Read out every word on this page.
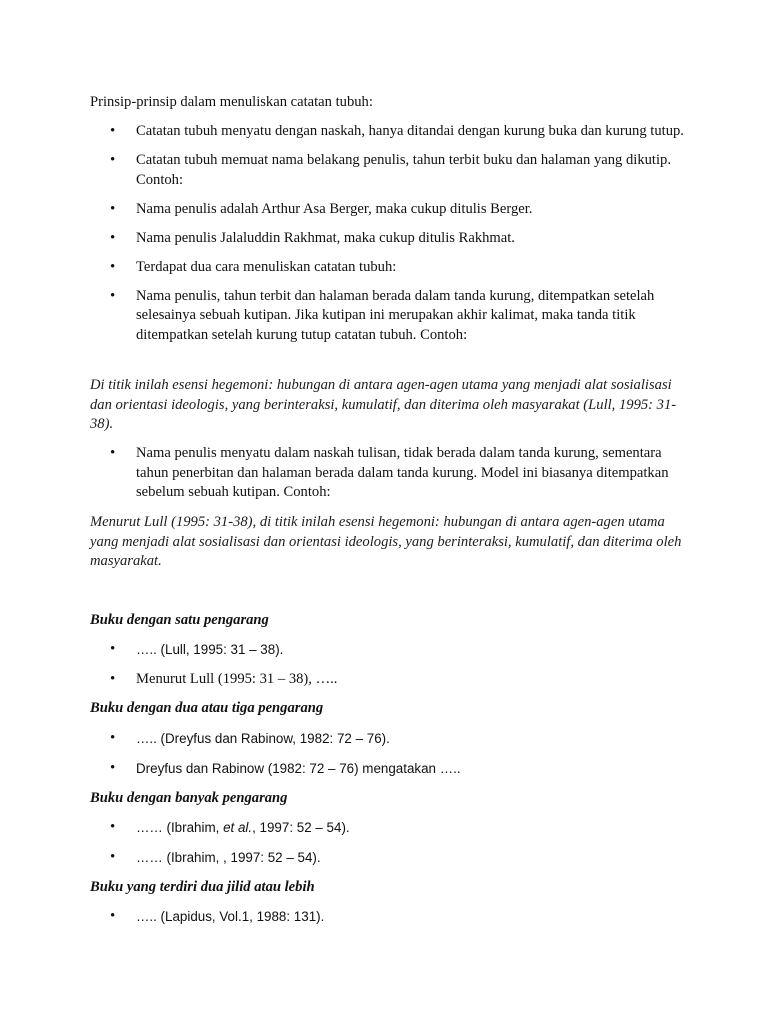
Prinsip-prinsip dalam menuliskan catatan tubuh:

• Catatan tubuh menyatu dengan naskah, hanya ditandai dengan kurung buka dan kurung tutup.
• Catatan tubuh memuat nama belakang penulis, tahun terbit buku dan halaman yang dikutip. Contoh:
• Nama penulis adalah Arthur Asa Berger, maka cukup ditulis Berger.
• Nama penulis Jalaluddin Rakhmat, maka cukup ditulis Rakhmat.
• Terdapat dua cara menuliskan catatan tubuh:
• Nama penulis, tahun terbit dan halaman berada dalam tanda kurung, ditempatkan setelah selesainya sebuah kutipan. Jika kutipan ini merupakan akhir kalimat, maka tanda titik ditempatkan setelah kurung tutup catatan tubuh. Contoh:

Di titik inilah esensi hegemoni: hubungan di antara agen-agen utama yang menjadi alat sosialisasi dan orientasi ideologis, yang berinteraksi, kumulatif, dan diterima oleh masyarakat (Lull, 1995: 31-38).

• Nama penulis menyatu dalam naskah tulisan, tidak berada dalam tanda kurung, sementara tahun penerbitan dan halaman berada dalam tanda kurung. Model ini biasanya ditempatkan sebelum sebuah kutipan. Contoh:

Menurut Lull (1995: 31-38), di titik inilah esensi hegemoni: hubungan di antara agen-agen utama yang menjadi alat sosialisasi dan orientasi ideologis, yang berinteraksi, kumulatif, dan diterima oleh masyarakat.

Buku dengan satu pengarang

• ….. (Lull, 1995: 31 – 38).
• Menurut Lull (1995: 31 – 38), …..

Buku dengan dua atau tiga pengarang

• ….. (Dreyfus dan Rabinow, 1982: 72 – 76).
• Dreyfus dan Rabinow (1982: 72 – 76) mengatakan …..

Buku dengan banyak pengarang

• …… (Ibrahim, et al., 1997: 52 – 54).
• …… (Ibrahim, , 1997: 52 – 54).

Buku yang terdiri dua jilid atau lebih

• ….. (Lapidus, Vol.1, 1988: 131).
